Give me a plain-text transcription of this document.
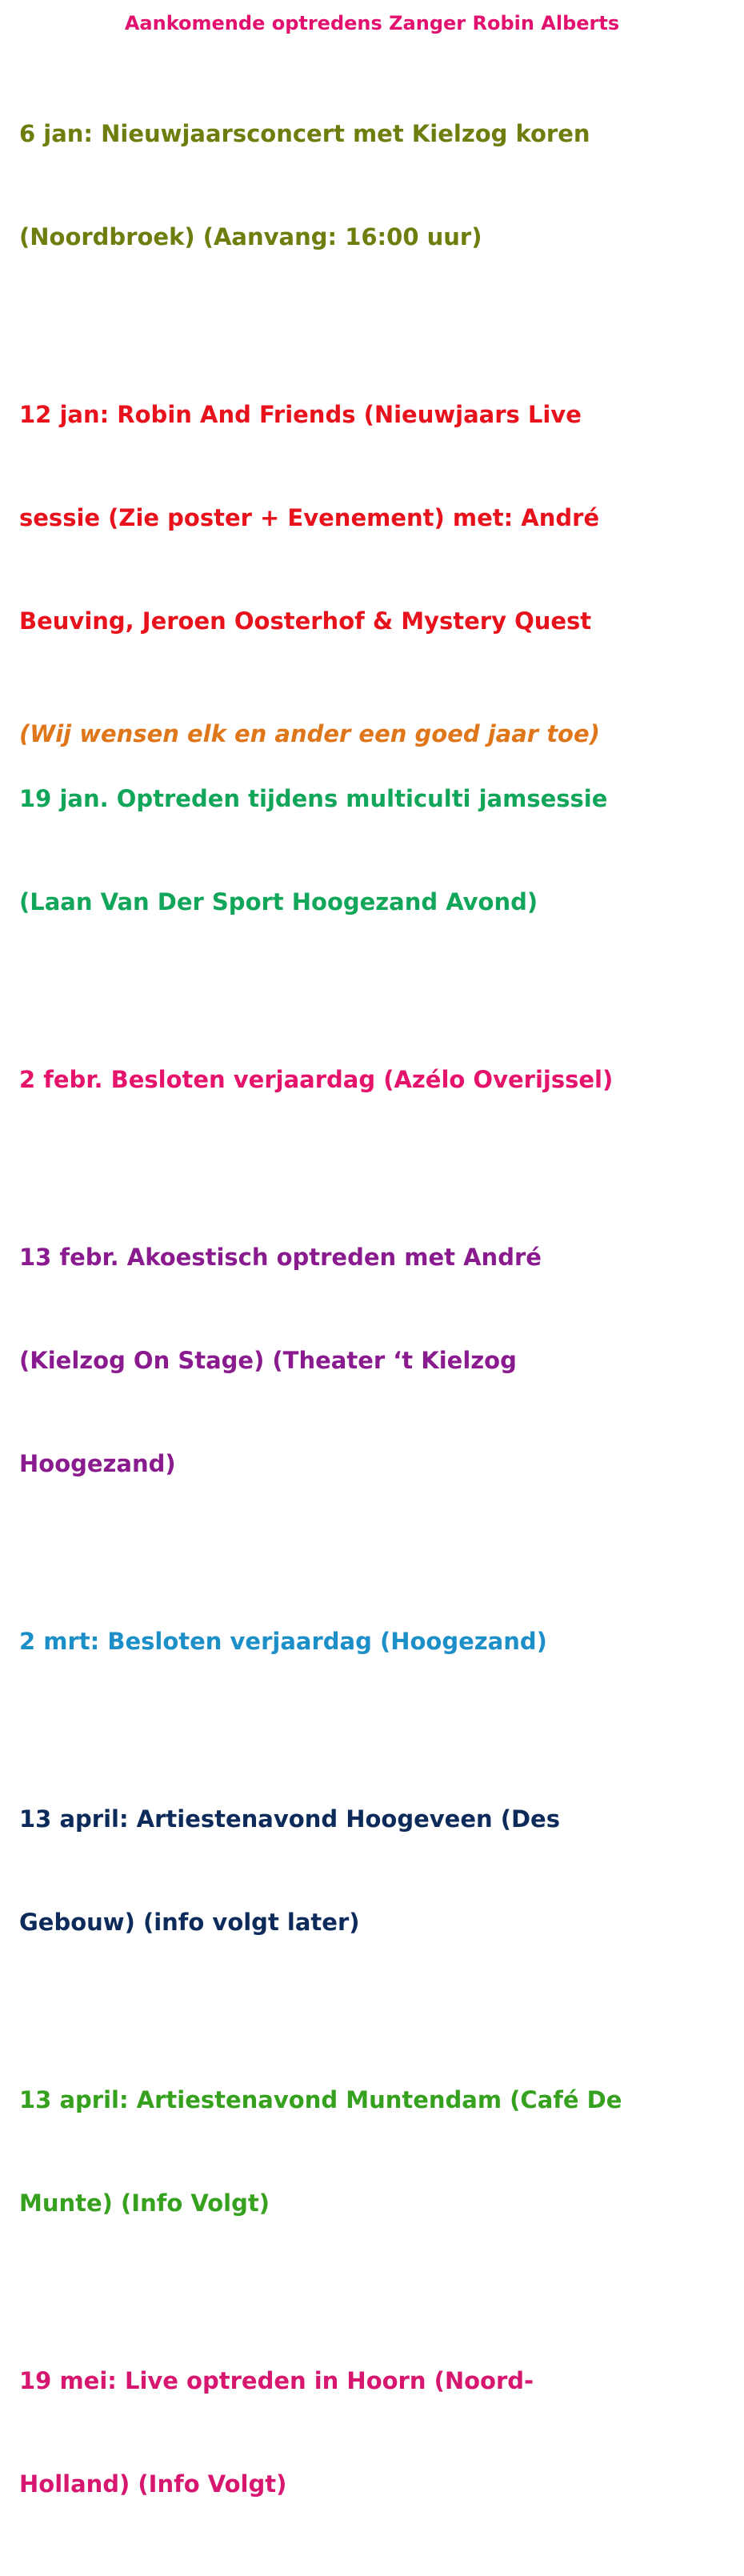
Aankomende optredens Zanger Robin Alberts

6 jan: Nieuwjaarsconcert met Kielzog koren

(Noordbroek) (Aanvang: 16:00 uur)

12 jan: Robin And Friends (Nieuwjaars Live

sessie (Zie poster + Evenement) met: André

Beuving, Jeroen Oosterhof & Mystery Quest

19 jan. Optreden tijdens multiculti jamsessie

(Laan Van Der Sport Hoogezand Avond)

2 febr. Besloten verjaardag (Azélo Overijssel)

13 febr. Akoestisch optreden met André

(Kielzog On Stage) (Theater ‘t Kielzog

Hoogezand)

2 mrt: Besloten verjaardag (Hoogezand)

13 april: Artiestenavond Hoogeveen (Des

Gebouw) (info volgt later)

13 april: Artiestenavond Muntendam (Café De

Munte) (Info Volgt)

19 mei: Live optreden in Hoorn (Noord-

Holland) (Info Volgt)

(Wij wensen elk en ander een goed jaar toe)
